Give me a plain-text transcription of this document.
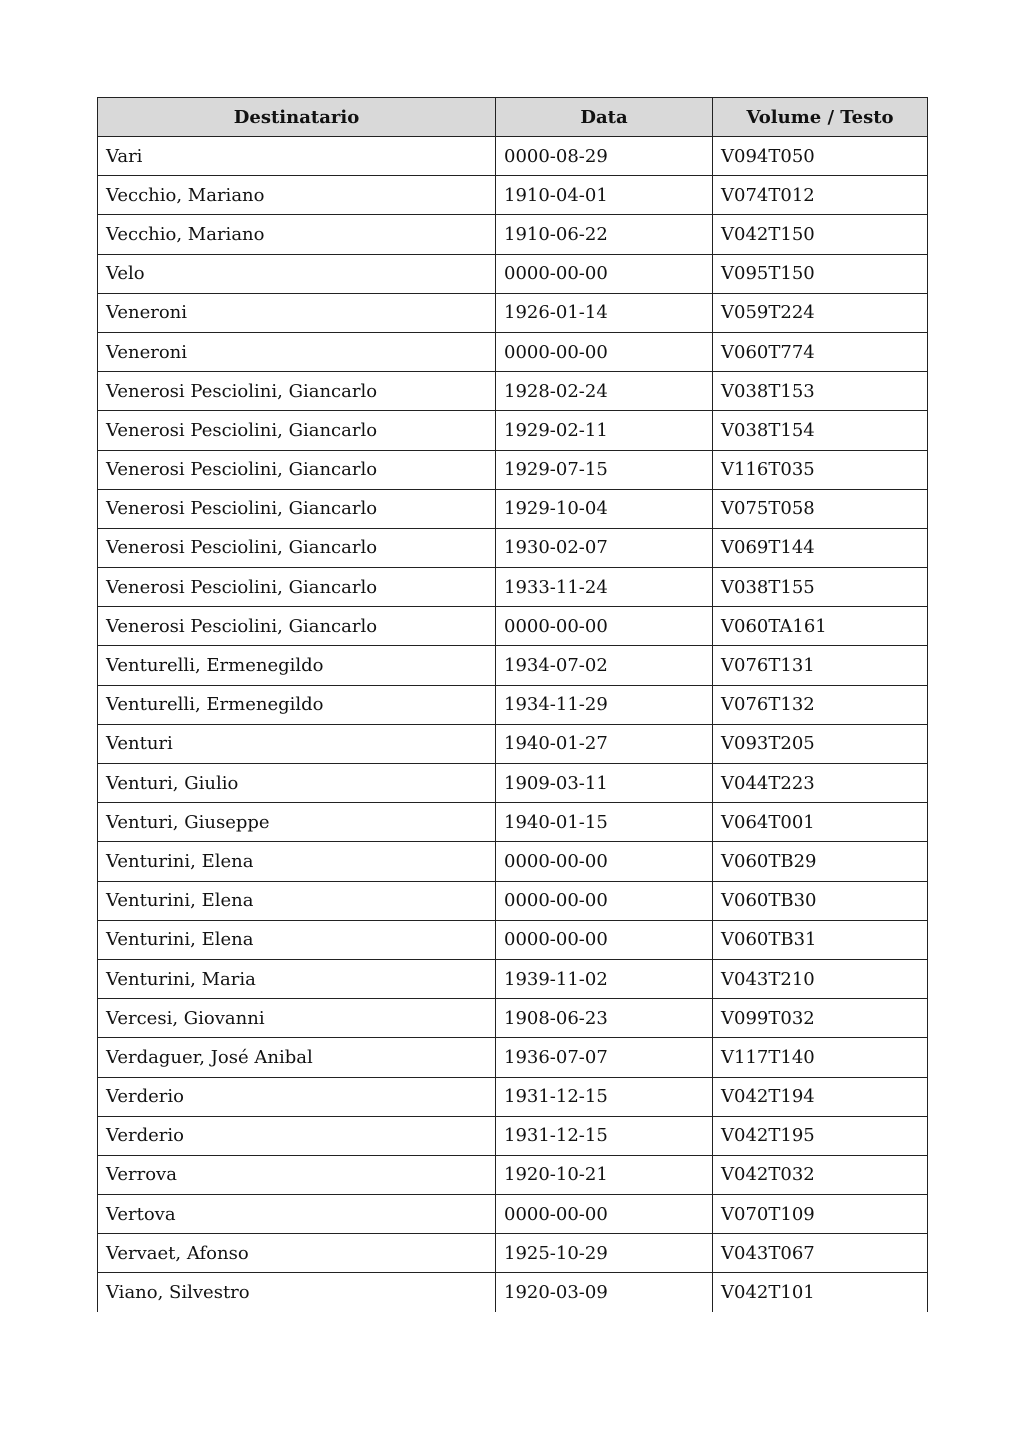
Destinatario	Data	Volume / Testo
Vari	0000-08-29	V094T050
Vecchio, Mariano	1910-04-01	V074T012
Vecchio, Mariano	1910-06-22	V042T150
Velo	0000-00-00	V095T150
Veneroni	1926-01-14	V059T224
Veneroni	0000-00-00	V060T774
Venerosi Pesciolini, Giancarlo	1928-02-24	V038T153
Venerosi Pesciolini, Giancarlo	1929-02-11	V038T154
Venerosi Pesciolini, Giancarlo	1929-07-15	V116T035
Venerosi Pesciolini, Giancarlo	1929-10-04	V075T058
Venerosi Pesciolini, Giancarlo	1930-02-07	V069T144
Venerosi Pesciolini, Giancarlo	1933-11-24	V038T155
Venerosi Pesciolini, Giancarlo	0000-00-00	V060TA161
Venturelli, Ermenegildo	1934-07-02	V076T131
Venturelli, Ermenegildo	1934-11-29	V076T132
Venturi	1940-01-27	V093T205
Venturi, Giulio	1909-03-11	V044T223
Venturi, Giuseppe	1940-01-15	V064T001
Venturini, Elena	0000-00-00	V060TB29
Venturini, Elena	0000-00-00	V060TB30
Venturini, Elena	0000-00-00	V060TB31
Venturini, Maria	1939-11-02	V043T210
Vercesi, Giovanni	1908-06-23	V099T032
Verdaguer, José Anibal	1936-07-07	V117T140
Verderio	1931-12-15	V042T194
Verderio	1931-12-15	V042T195
Verrova	1920-10-21	V042T032
Vertova	0000-00-00	V070T109
Vervaet, Afonso	1925-10-29	V043T067
Viano, Silvestro	1920-03-09	V042T101
